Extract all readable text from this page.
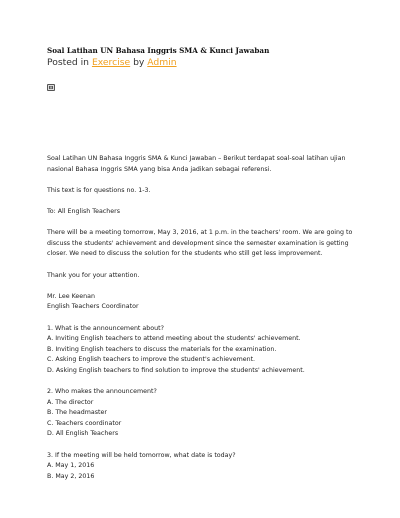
Soal Latihan UN Bahasa Inggris SMA & Kunci Jawaban
Posted in Exercise by Admin

Soal Latihan UN Bahasa Inggris SMA & Kunci Jawaban – Berikut terdapat soal-soal latihan ujian

nasional Bahasa Inggris SMA yang bisa Anda jadikan sebagai referensi.

This text is for questions no. 1-3.

To: All English Teachers

There will be a meeting tomorrow, May 3, 2016, at 1 p.m. in the teachers' room. We are going to

discuss the students' achievement and development since the semester examination is getting

closer. We need to discuss the solution for the students who still get less improvement.

Thank you for your attention.

Mr. Lee Keenan

English Teachers Coordinator

1. What is the announcement about?

A. Inviting English teachers to attend meeting about the students' achievement.

B. Inviting English teachers to discuss the materials for the examination.

C. Asking English teachers to improve the student's achievement.

D. Asking English teachers to find solution to improve the students' achievement.

2. Who makes the announcement?

A. The director

B. The headmaster

C. Teachers coordinator

D. All English Teachers

3. If the meeting will be held tomorrow, what date is today?

A. May 1, 2016

B. May 2, 2016
